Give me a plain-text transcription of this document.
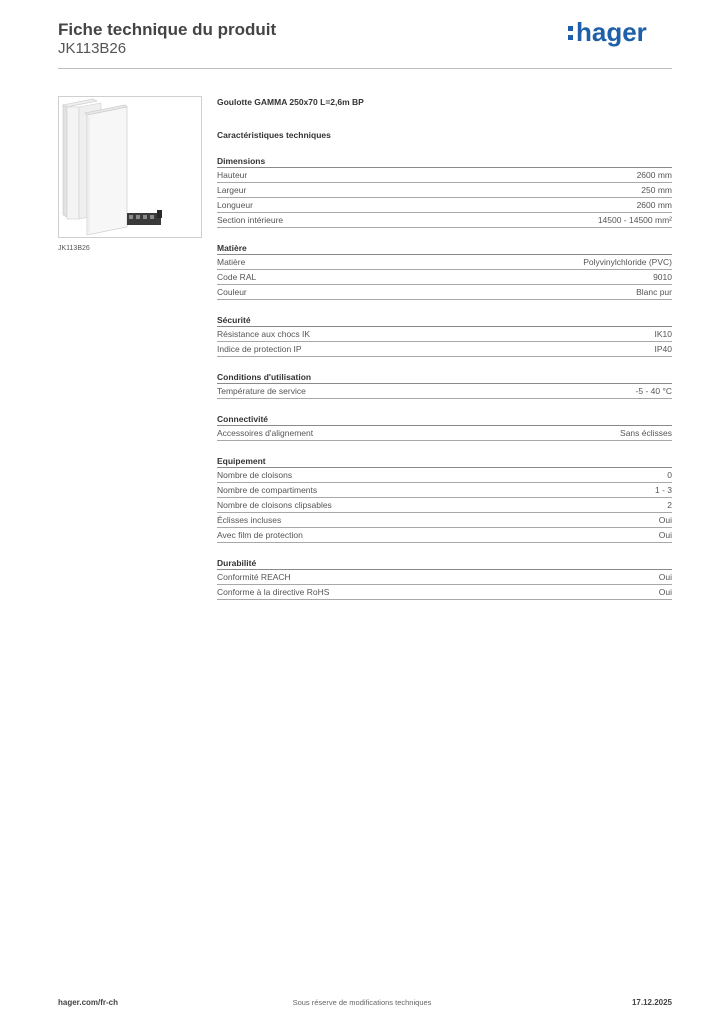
Fiche technique du produit
JK113B26
hager
JK113B26
Goulotte GAMMA 250x70 L=2,6m BP
Caractéristiques techniques
Dimensions
Hauteur	2600 mm
Largeur	250 mm
Longueur	2600 mm
Section intérieure	14500 - 14500 mm²
Matière
Matière	Polyvinylchloride (PVC)
Code RAL	9010
Couleur	Blanc pur
Sécurité
Résistance aux chocs IK	IK10
Indice de protection IP	IP40
Conditions d'utilisation
Température de service	-5 - 40 °C
Connectivité
Accessoires d'alignement	Sans éclisses
Equipement
Nombre de cloisons	0
Nombre de compartiments	1 - 3
Nombre de cloisons clipsables	2
Éclisses incluses	Oui
Avec film de protection	Oui
Durabilité
Conformité REACH	Oui
Conforme à la directive RoHS	Oui
Sous réserve de modifications techniques
hager.com/fr-ch	17.12.2025
